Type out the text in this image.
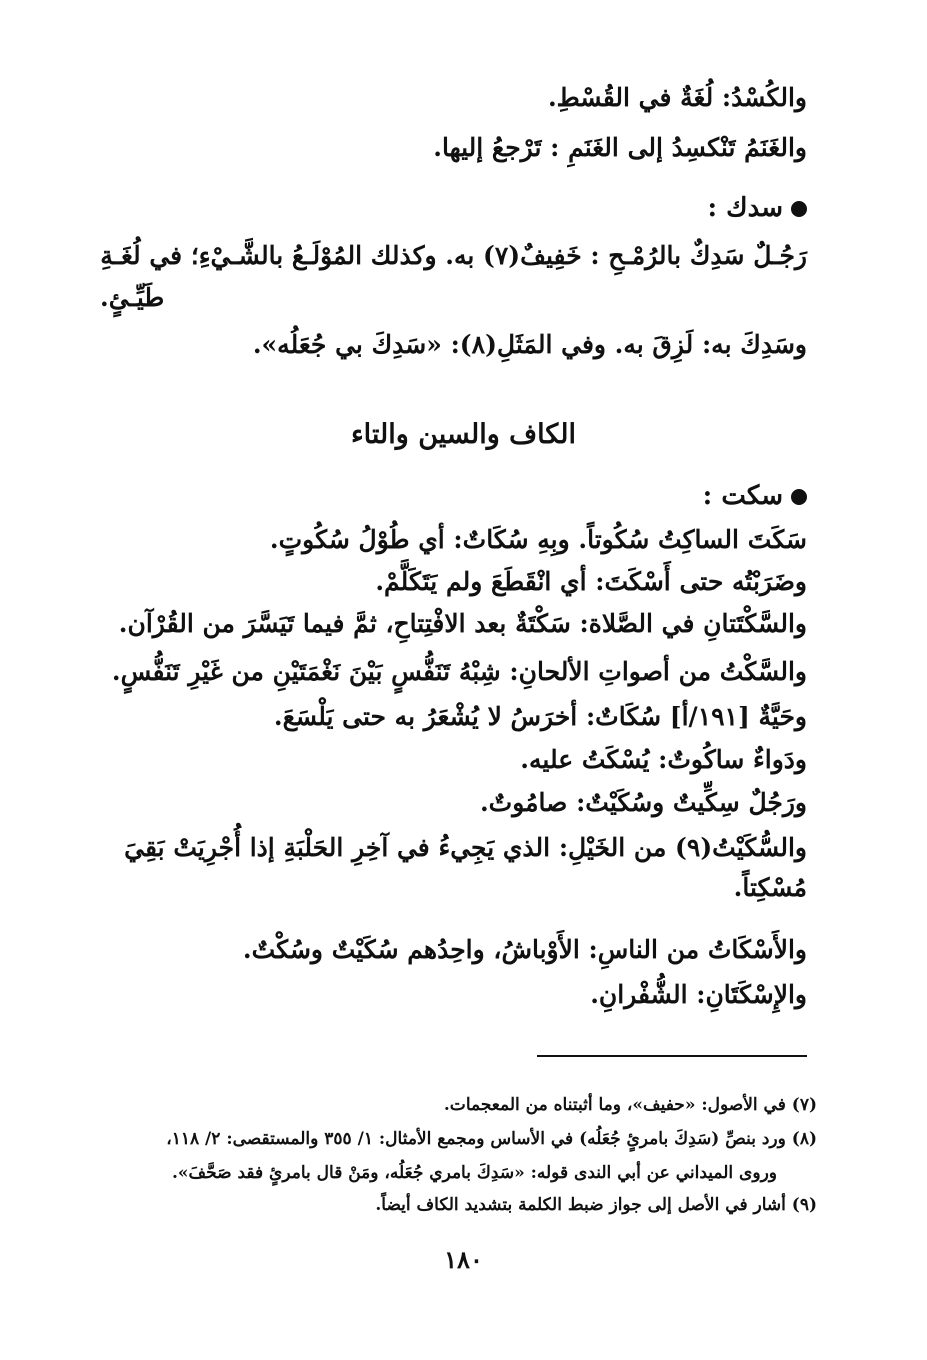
والكُسْدُ: لُغَةٌ في القُسْطِ.
والغَنَمُ تَنْكسِدُ إلى الغَنَمِ : تَرْجعُ إليها.
سدك :
رَجُـلٌ سَدِكٌ بالرُمْـحِ : خَفِيفٌ(٧) به. وكذلك المُوْلَـعُ بالشَّـيْءِ؛ في لُغَـةِ
طَيِّـئٍ.
وسَدِكَ به: لَزِقَ به. وفي المَثَلِ(٨): «سَدِكَ بي جُعَلُه».
الكاف والسين والتاء
سكت :
سَكَتَ الساكِتُ سُكُوتاً. وبِهِ سُكَاتٌ: أي طُوْلُ سُكُوتٍ.
وضَرَبْتُه حتى أَسْكَتَ: أي انْقَطَعَ ولم يَتَكَلَّمْ.
والسَّكْتَتانِ في الصَّلاة: سَكْتَةٌ بعد الافْتِتاحِ، ثمَّ فيما تَيَسَّرَ من القُرْآن.
والسَّكْتُ من أصواتِ الألحانِ: شِبْهُ تَنَفُّسٍ بَيْنَ نَغْمَتَيْنِ من غَيْرِ تَنَفُّسٍ.
وحَيَّةٌ [١٩١/أ] سُكَاتٌ: أخرَسُ لا يُشْعَرُ به حتى يَلْسَعَ.
ودَواءٌ ساكُوتٌ: يُسْكَتُ عليه.
ورَجُلٌ سِكِّيتٌ وسُكَيْتٌ: صامُوتٌ.
والسُّكَيْتُ(٩) من الخَيْلِ: الذي يَجِيءُ في آخِرِ الحَلْبَةِ إذا أُجْرِيَتْ بَقِيَ
مُسْكِتاً.
والأَسْكَاتُ من الناسِ: الأَوْباشُ، واحِدُهم سُكَيْتٌ وسُكْتٌ.
والإِسْكَتَانِ: الشُّفْرانِ.
(٧) في الأصول: «حفيف»، وما أثبتناه من المعجمات.
(٨) ورد بنصِّ (سَدِكَ بامرئٍ جُعَلُه) في الأساس ومجمع الأمثال: ١/ ٣٥٥ والمستقصى: ٢/ ١١٨،
وروى الميداني عن أبي الندى قوله: «سَدِكَ بامري جُعَلُه، ومَنْ قال بامرئٍ فقد صَحَّفَ».
(٩) أشار في الأصل إلى جواز ضبط الكلمة بتشديد الكاف أيضاً.
١٨٠
